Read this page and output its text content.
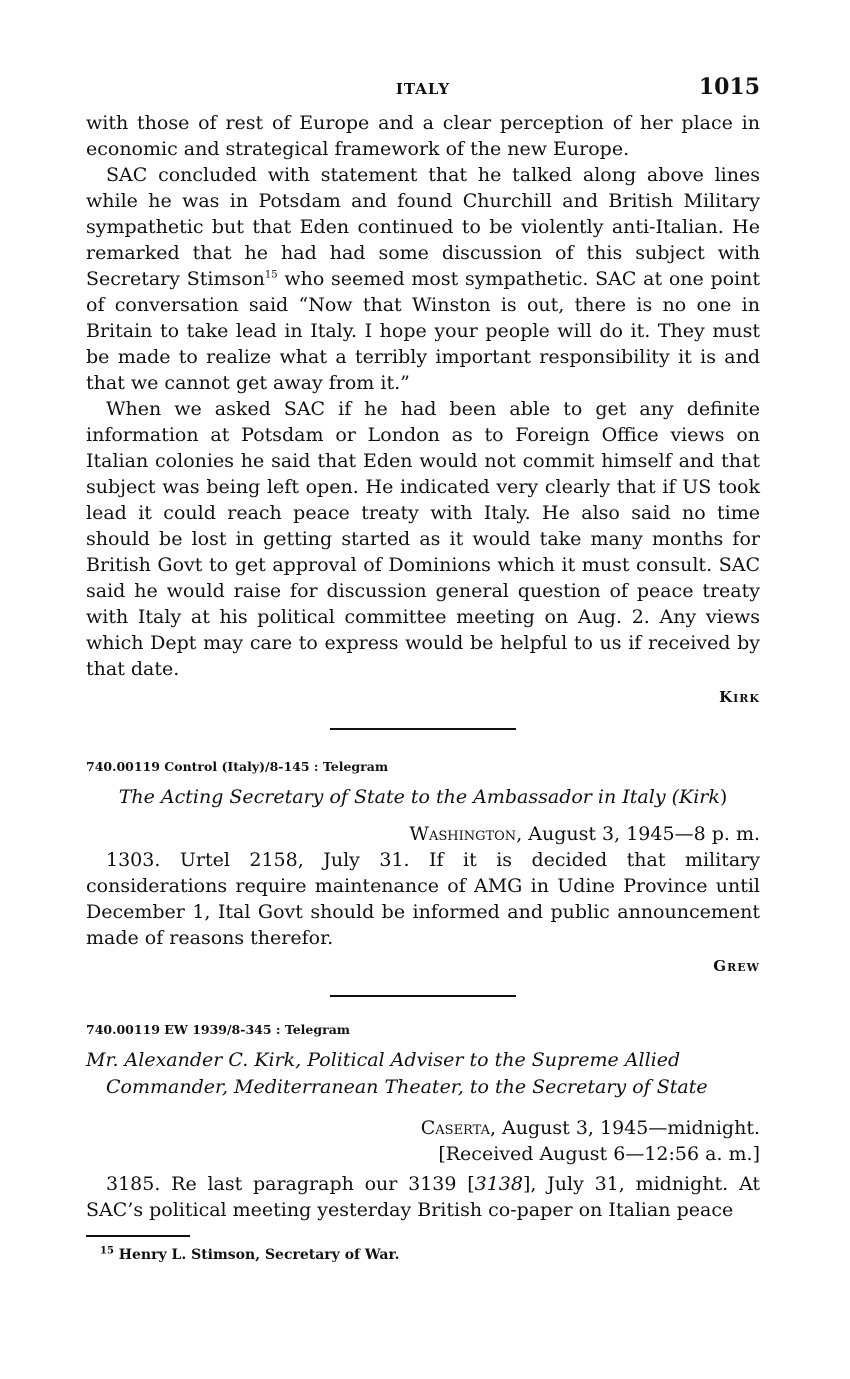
ITALY	1015

with those of rest of Europe and a clear perception of her place in economic and strategical framework of the new Europe.

SAC concluded with statement that he talked along above lines while he was in Potsdam and found Churchill and British Military sympathetic but that Eden continued to be violently anti-Italian. He remarked that he had had some discussion of this subject with Secretary Stimson$^{15}$ who seemed most sympathetic. SAC at one point of conversation said “Now that Winston is out, there is no one in Britain to take lead in Italy. I hope your people will do it. They must be made to realize what a terribly important responsibility it is and that we cannot get away from it.”

When we asked SAC if he had been able to get any definite information at Potsdam or London as to Foreign Office views on Italian colonies he said that Eden would not commit himself and that subject was being left open. He indicated very clearly that if US took lead it could reach peace treaty with Italy. He also said no time should be lost in getting started as it would take many months for British Govt to get approval of Dominions which it must consult. SAC said he would raise for discussion general question of peace treaty with Italy at his political committee meeting on Aug. 2. Any views which Dept may care to express would be helpful to us if received by that date.

Kirk
740.00119 Control (Italy)/8-145 : Telegram
The Acting Secretary of State to the Ambassador in Italy (Kirk)
Washington, August 3, 1945—8 p. m.

1303. Urtel 2158, July 31. If it is decided that military considerations require maintenance of AMG in Udine Province until December 1, Ital Govt should be informed and public announcement made of reasons therefor.

Grew
740.00119 EW 1939/8-345 : Telegram
Mr. Alexander C. Kirk, Political Adviser to the Supreme Allied Commander, Mediterranean Theater, to the Secretary of State
Caserta, August 3, 1945—midnight.
[Received August 6—12:56 a. m.]

3185. Re last paragraph our 3139 [3138], July 31, midnight. At SAC’s political meeting yesterday British co-paper on Italian peace

$^{15}$ Henry L. Stimson, Secretary of War.
